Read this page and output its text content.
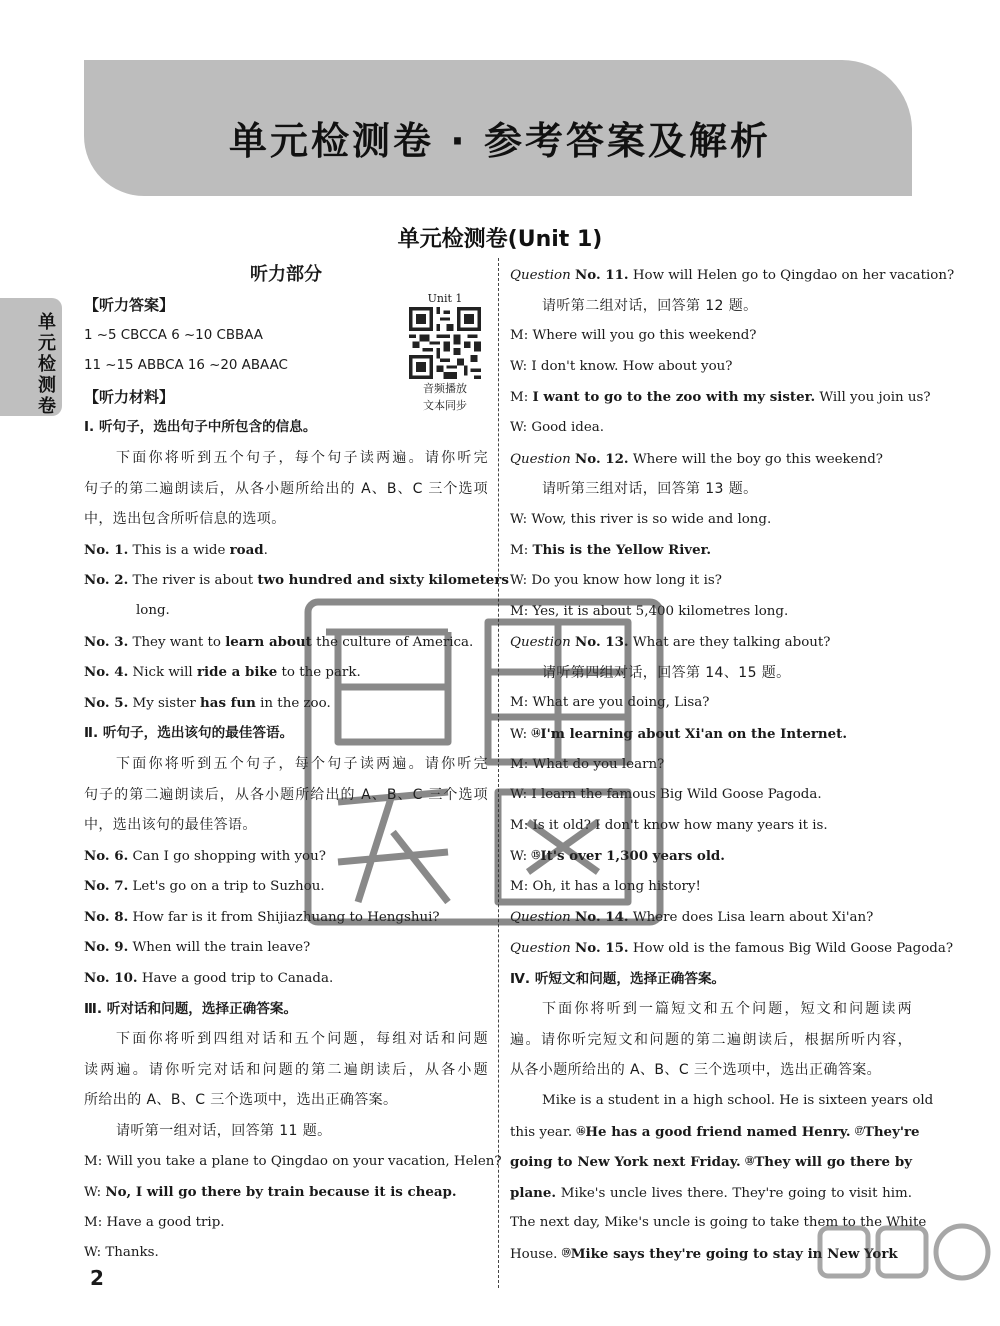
单元检测卷 · 参考答案及解析
单元检测卷
单元检测卷(Unit 1)
听力部分
Unit 1
音频播放
文本同步
【听力答案】
1 ~5 CBCCA 6 ~10 CBBAA
11 ~15 ABBCA 16 ~20 ABAAC
【听力材料】
Ⅰ. 听句子，选出句子中所包含的信息。
下面你将听到五个句子，每个句子读两遍。请你听完
句子的第二遍朗读后，从各小题所给出的 A、B、C 三个选项
中，选出包含所听信息的选项。
No. 1. This is a wide road.
No. 2. The river is about two hundred and sixty kilometers
long.
No. 3. They want to learn about the culture of America.
No. 4. Nick will ride a bike to the park.
No. 5. My sister has fun in the zoo.
Ⅱ. 听句子，选出该句的最佳答语。
下面你将听到五个句子，每个句子读两遍。请你听完
句子的第二遍朗读后，从各小题所给出的 A、B、C 三个选项
中，选出该句的最佳答语。
No. 6. Can I go shopping with you?
No. 7. Let's go on a trip to Suzhou.
No. 8. How far is it from Shijiazhuang to Hengshui?
No. 9. When will the train leave?
No. 10. Have a good trip to Canada.
Ⅲ. 听对话和问题，选择正确答案。
下面你将听到四组对话和五个问题，每组对话和问题
读两遍。请你听完对话和问题的第二遍朗读后，从各小题
所给出的 A、B、C 三个选项中，选出正确答案。
请听第一组对话，回答第 11 题。
M: Will you take a plane to Qingdao on your vacation, Helen?
W: No, I will go there by train because it is cheap.
M: Have a good trip.
W: Thanks.
Question No. 11. How will Helen go to Qingdao on her vacation?
请听第二组对话，回答第 12 题。
M: Where will you go this weekend?
W: I don't know. How about you?
M: I want to go to the zoo with my sister. Will you join us?
W: Good idea.
Question No. 12. Where will the boy go this weekend?
请听第三组对话，回答第 13 题。
W: Wow, this river is so wide and long.
M: This is the Yellow River.
W: Do you know how long it is?
M: Yes, it is about 5,400 kilometres long.
Question No. 13. What are they talking about?
请听第四组对话，回答第 14、15 题。
M: What are you doing, Lisa?
W: ⑭I'm learning about Xi'an on the Internet.
M: What do you learn?
W: I learn the famous Big Wild Goose Pagoda.
M: Is it old? I don't know how many years it is.
W: ⑮It's over 1,300 years old.
M: Oh, it has a long history!
Question No. 14. Where does Lisa learn about Xi'an?
Question No. 15. How old is the famous Big Wild Goose Pagoda?
Ⅳ. 听短文和问题，选择正确答案。
下面你将听到一篇短文和五个问题，短文和问题读两
遍。请你听完短文和问题的第二遍朗读后，根据所听内容，
从各小题所给出的 A、B、C 三个选项中，选出正确答案。
Mike is a student in a high school. He is sixteen years old
this year. ⑯He has a good friend named Henry. ⑰They're
going to New York next Friday. ⑱They will go there by
plane. Mike's uncle lives there. They're going to visit him.
The next day, Mike's uncle is going to take them to the White
House. ⑲Mike says they're going to stay in New York
2
